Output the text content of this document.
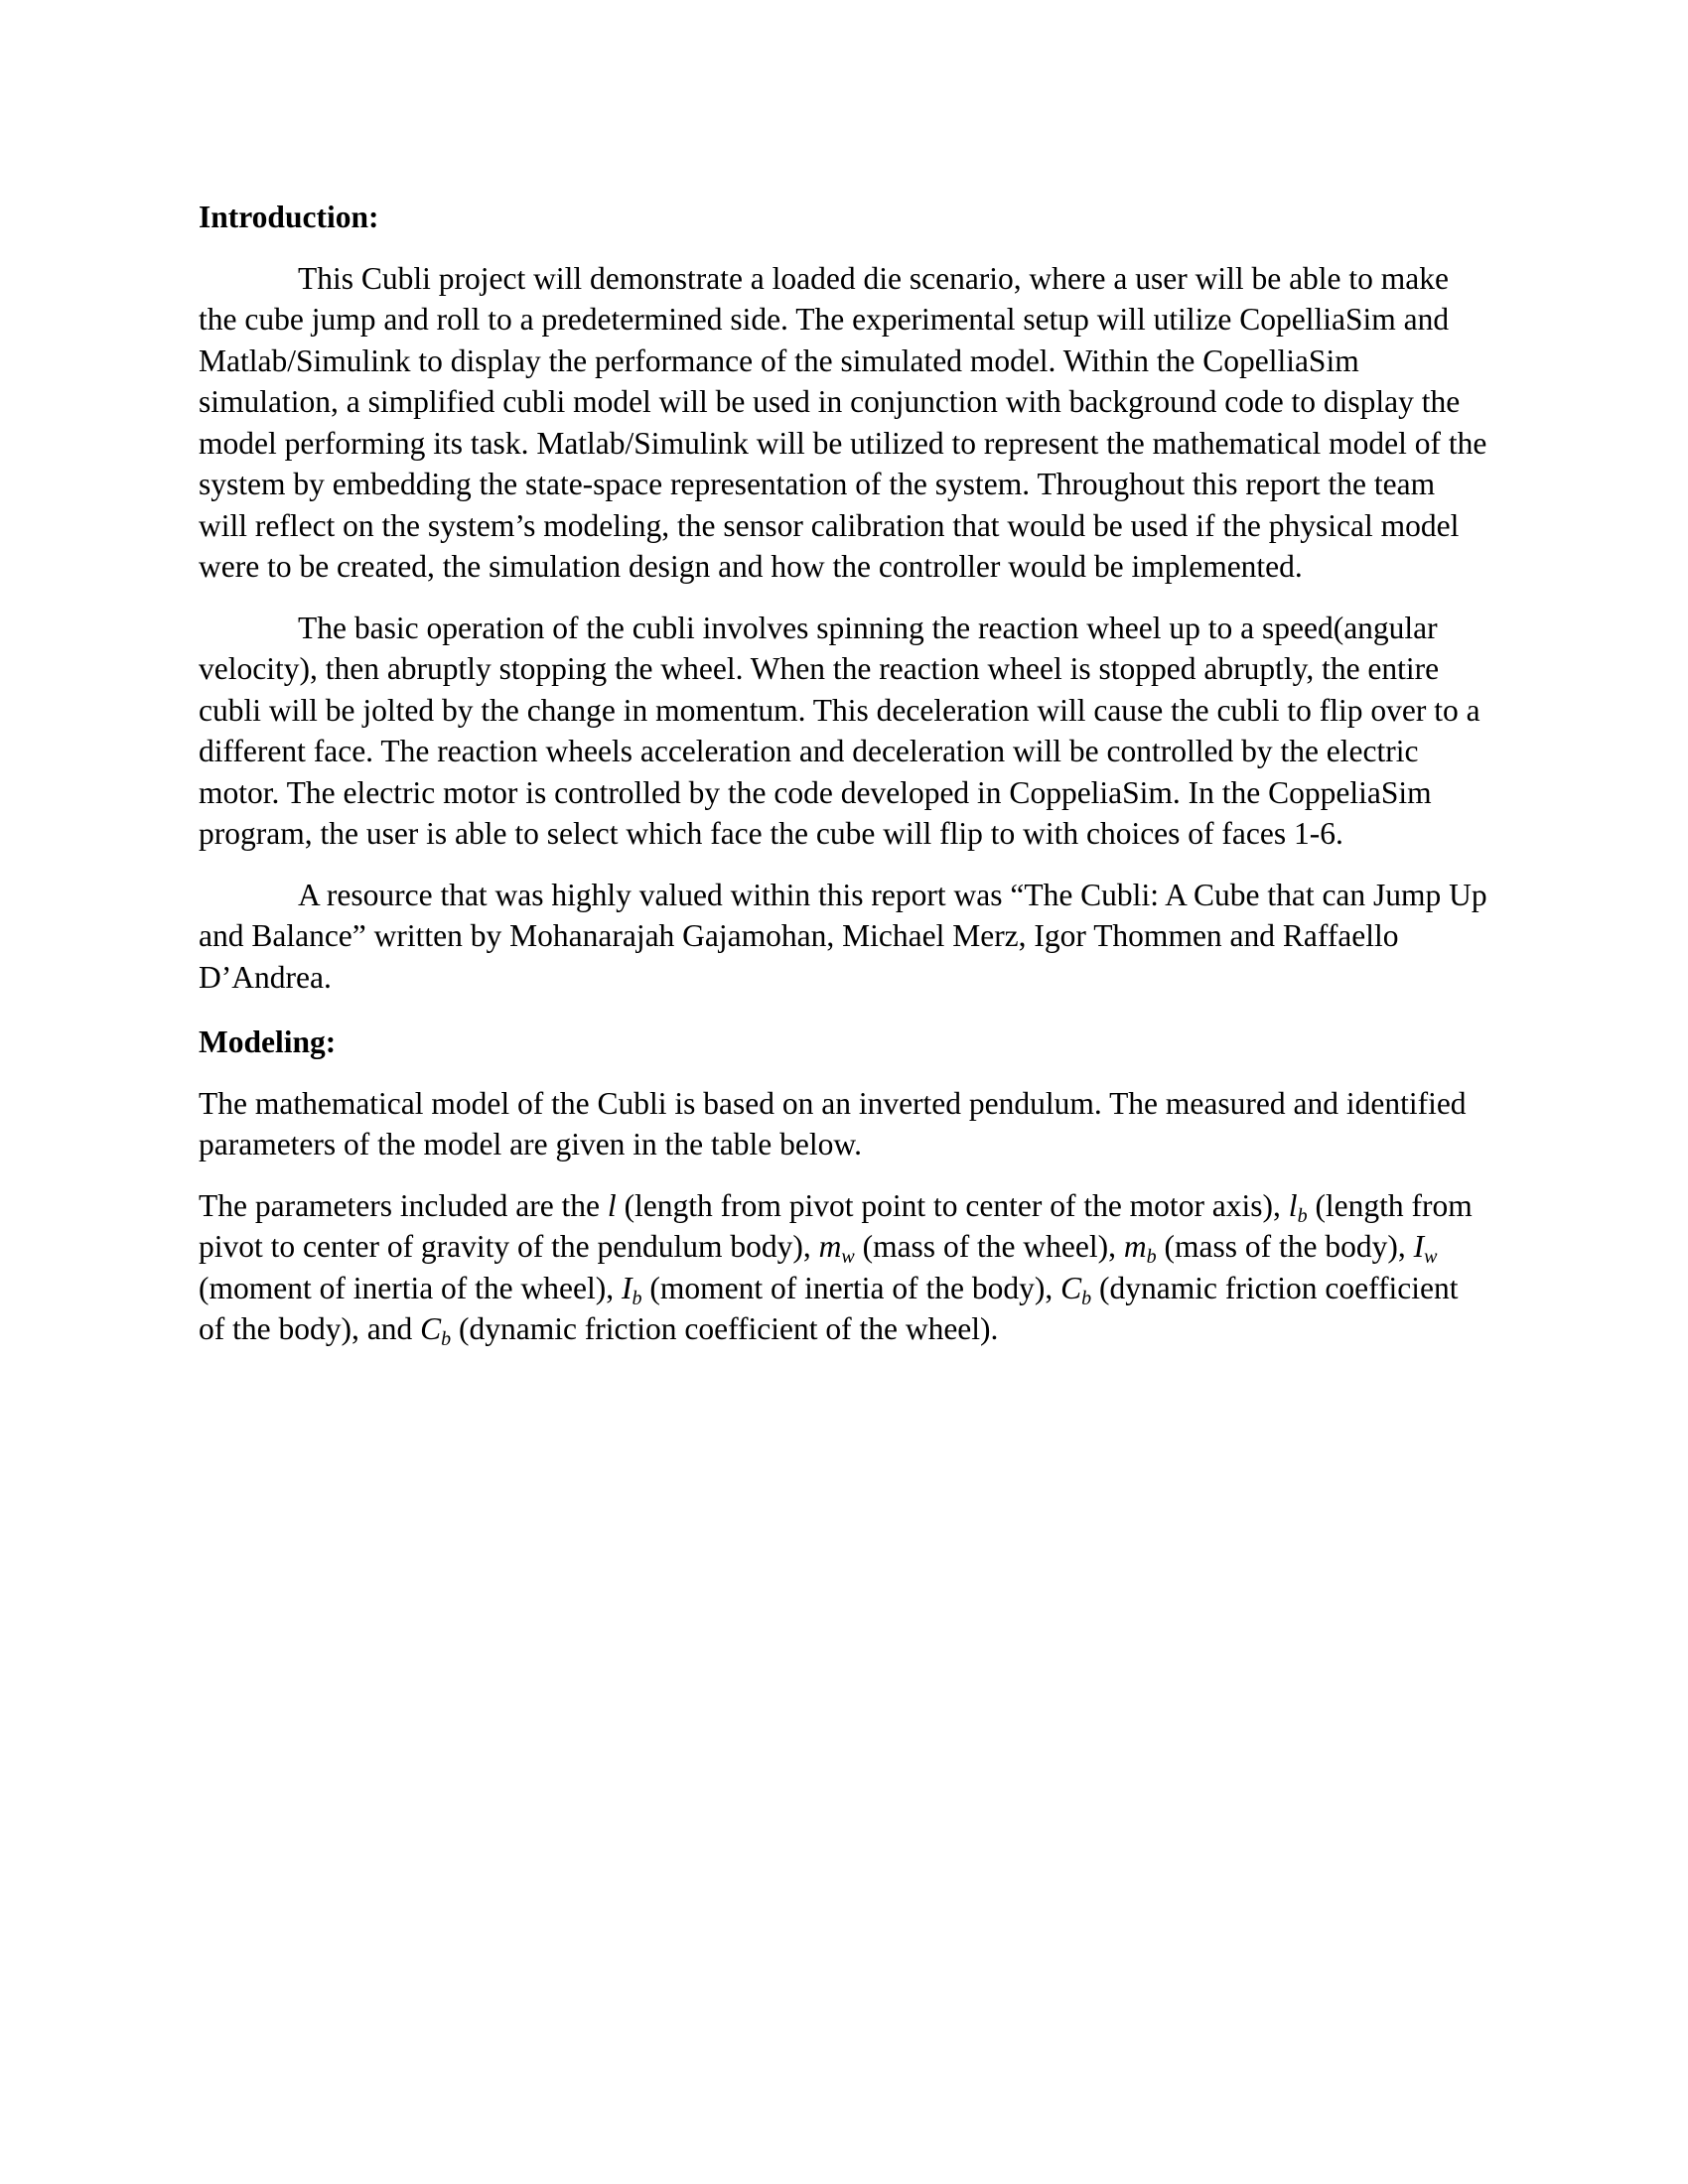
Introduction:

This Cubli project will demonstrate a loaded die scenario, where a user will be able to make the cube jump and roll to a predetermined side. The experimental setup will utilize CopelliaSim and Matlab/Simulink to display the performance of the simulated model. Within the CopelliaSim simulation, a simplified cubli model will be used in conjunction with background code to display the model performing its task. Matlab/Simulink will be utilized to represent the mathematical model of the system by embedding the state-space representation of the system. Throughout this report the team will reflect on the system’s modeling, the sensor calibration that would be used if the physical model were to be created, the simulation design and how the controller would be implemented.

The basic operation of the cubli involves spinning the reaction wheel up to a speed(angular velocity), then abruptly stopping the wheel. When the reaction wheel is stopped abruptly, the entire cubli will be jolted by the change in momentum. This deceleration will cause the cubli to flip over to a different face. The reaction wheels acceleration and deceleration will be controlled by the electric motor. The electric motor is controlled by the code developed in CoppeliaSim. In the CoppeliaSim program, the user is able to select which face the cube will flip to with choices of faces 1-6.

A resource that was highly valued within this report was “The Cubli: A Cube that can Jump Up and Balance” written by Mohanarajah Gajamohan, Michael Merz, Igor Thommen and Raffaello D’Andrea.

Modeling:

The mathematical model of the Cubli is based on an inverted pendulum. The measured and identified parameters of the model are given in the table below.

The parameters included are the l (length from pivot point to center of the motor axis), $l_b$ (length from pivot to center of gravity of the pendulum body), $m_w$ (mass of the wheel), $m_b$ (mass of the body), $I_w$ (moment of inertia of the wheel), $I_b$ (moment of inertia of the body), $C_b$ (dynamic friction coefficient of the body), and $C_b$ (dynamic friction coefficient of the wheel).
